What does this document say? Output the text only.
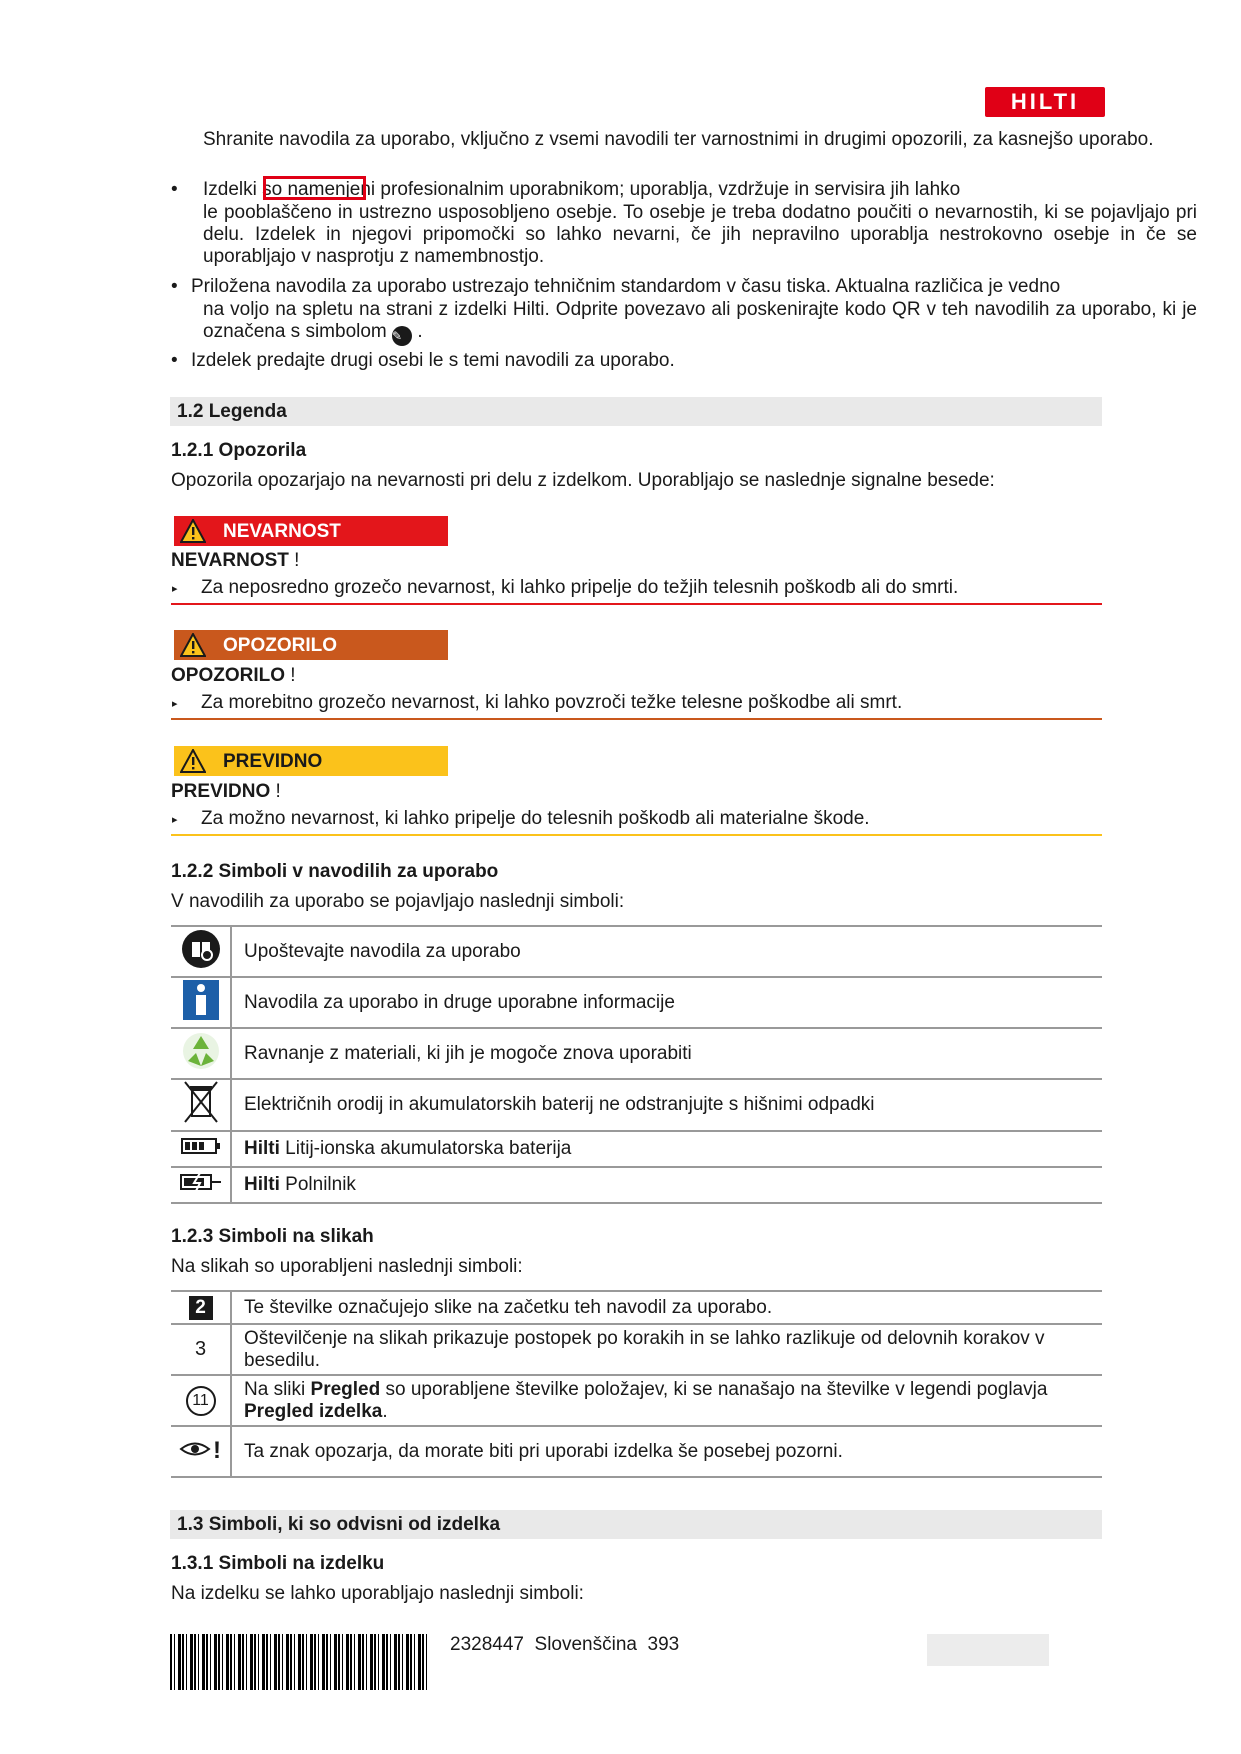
HILTI
Shranite navodila za uporabo, vključno z vsemi navodili ter varnostnimi in drugimi opozorili, za kasnejšo uporabo.
• Izdelki so namenjeni profesionalnim uporabnikom; uporablja, vzdržuje in servisira jih lahko
le pooblaščeno in ustrezno usposobljeno osebje. To osebje je treba dodatno poučiti o nevarnostih, ki se pojavljajo pri delu. Izdelek in njegovi pripomočki so lahko nevarni, če jih nepravilno uporablja nestrokovno osebje in če se uporabljajo v nasprotju z namembnostjo.
• Priložena navodila za uporabo ustrezajo tehničnim standardom v času tiska. Aktualna različica je vedno
na voljo na spletu na strani z izdelki Hilti. Odprite povezavo ali poskenirajte kodo QR v teh navodilih za uporabo, ki je označena s simbolom ✎ .
• Izdelek predajte drugi osebi le s temi navodili za uporabo.
1.2 Legenda
1.2.1 Opozorila
Opozorila opozarjajo na nevarnosti pri delu z izdelkom. Uporabljajo se naslednje signalne besede:
NEVARNOST
NEVARNOST !
▸ Za neposredno grozečo nevarnost, ki lahko pripelje do težjih telesnih poškodb ali do smrti.
OPOZORILO
OPOZORILO !
▸ Za morebitno grozečo nevarnost, ki lahko povzroči težke telesne poškodbe ali smrt.
PREVIDNO
PREVIDNO !
▸ Za možno nevarnost, ki lahko pripelje do telesnih poškodb ali materialne škode.
1.2.2 Simboli v navodilih za uporabo
V navodilih za uporabo se pojavljajo naslednji simboli:
	Upoštevajte navodila za uporabo
	Navodila za uporabo in druge uporabne informacije
	Ravnanje z materiali, ki jih je mogoče znova uporabiti
	Električnih orodij in akumulatorskih baterij ne odstranjujte s hišnimi odpadki
	Hilti Litij-ionska akumulatorska baterija
	Hilti Polnilnik
1.2.3 Simboli na slikah
Na slikah so uporabljeni naslednji simboli:
2	Te številke označujejo slike na začetku teh navodil za uporabo.
3	Oštevilčenje na slikah prikazuje postopek po korakih in se lahko razlikuje od delovnih korakov v besedilu.
11	Na sliki Pregled so uporabljene številke položajev, ki se nanašajo na številke v legendi poglavja Pregled izdelka.

!	Ta znak opozarja, da morate biti pri uporabi izdelka še posebej pozorni.
1.3 Simboli, ki so odvisni od izdelka
1.3.1 Simboli na izdelku
Na izdelku se lahko uporabljajo naslednji simboli:
2328447 Slovenščina 393
